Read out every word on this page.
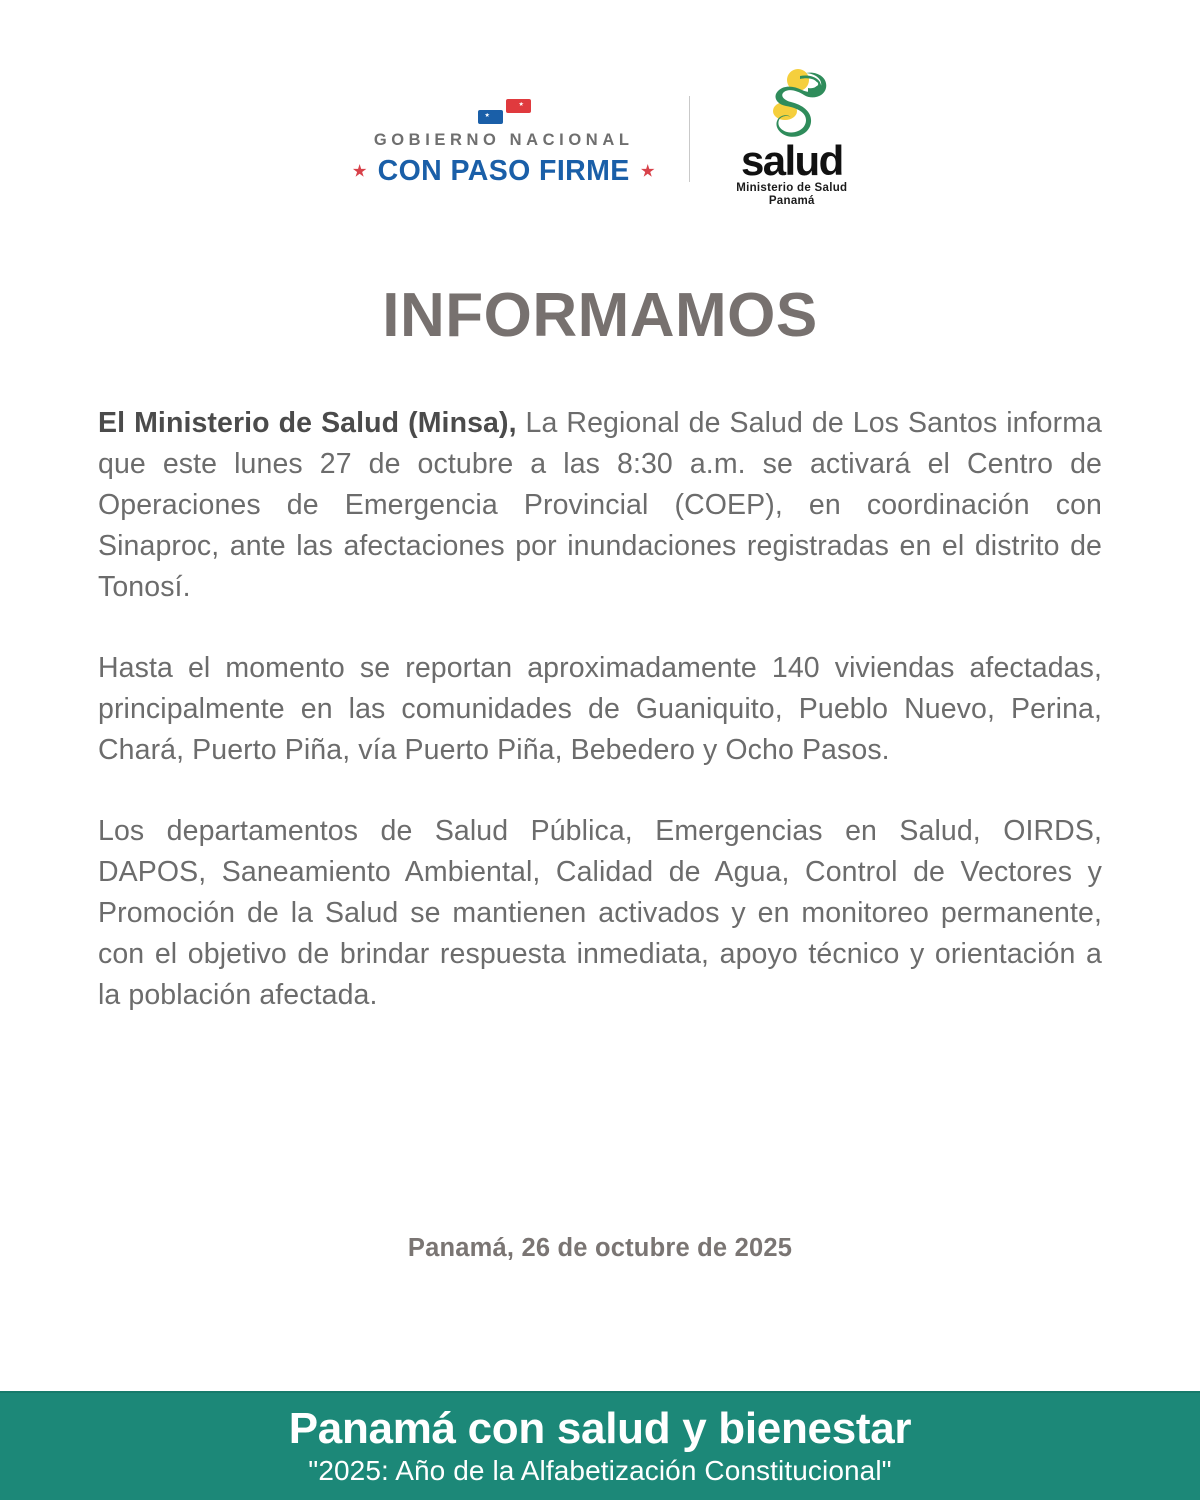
GOBIERNO NACIONAL
CON PASO FIRME	salud
Ministerio de Salud
Panamá
INFORMAMOS

El Ministerio de Salud (Minsa), La Regional de Salud de Los Santos informa que este lunes 27 de octubre a las 8:30 a.m. se activará el Centro de Operaciones de Emergencia Provincial (COEP), en coordinación con Sinaproc, ante las afectaciones por inundaciones registradas en el distrito de Tonosí.

Hasta el momento se reportan aproximadamente 140 viviendas afectadas, principalmente en las comunidades de Guaniquito, Pueblo Nuevo, Perina, Chará, Puerto Piña, vía Puerto Piña, Bebedero y Ocho Pasos.

Los departamentos de Salud Pública, Emergencias en Salud, OIRDS, DAPOS, Saneamiento Ambiental, Calidad de Agua, Control de Vectores y Promoción de la Salud se mantienen activados y en monitoreo permanente, con el objetivo de brindar respuesta inmediata, apoyo técnico y orientación a la población afectada.

Panamá, 26 de octubre de 2025
Panamá con salud y bienestar
"2025: Año de la Alfabetización Constitucional"
